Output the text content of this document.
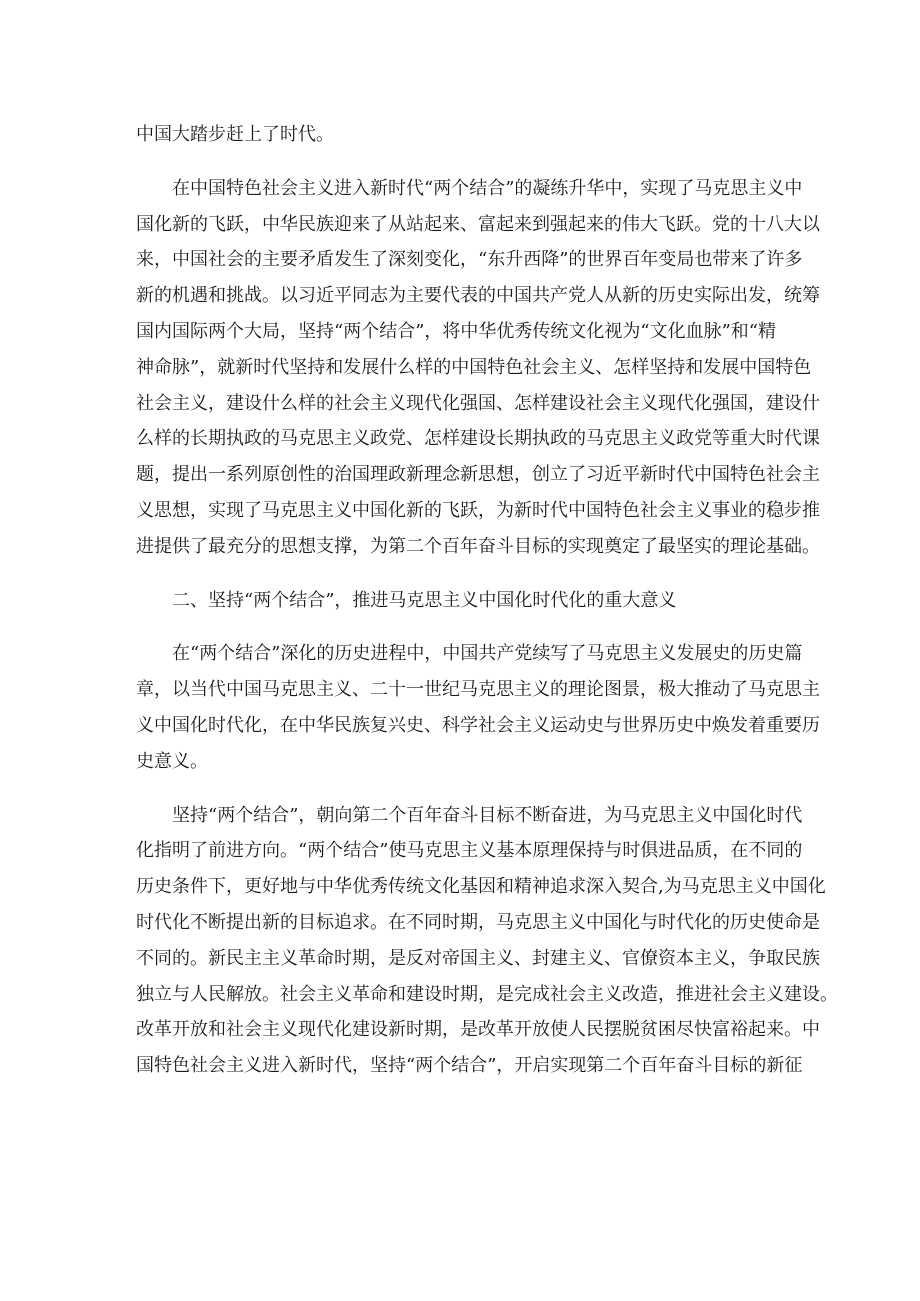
中国大踏步赶上了时代。
在中国特色社会主义进入新时代“两个结合”的凝练升华中，实现了马克思主义中
国化新的飞跃，中华民族迎来了从站起来、富起来到强起来的伟大飞跃。党的十八大以
来，中国社会的主要矛盾发生了深刻变化，“东升西降”的世界百年变局也带来了许多
新的机遇和挑战。以习近平同志为主要代表的中国共产党人从新的历史实际出发，统筹
国内国际两个大局，坚持“两个结合”，将中华优秀传统文化视为“文化血脉”和“精
神命脉”，就新时代坚持和发展什么样的中国特色社会主义、怎样坚持和发展中国特色
社会主义，建设什么样的社会主义现代化强国、怎样建设社会主义现代化强国，建设什
么样的长期执政的马克思主义政党、怎样建设长期执政的马克思主义政党等重大时代课
题，提出一系列原创性的治国理政新理念新思想，创立了习近平新时代中国特色社会主
义思想，实现了马克思主义中国化新的飞跃，为新时代中国特色社会主义事业的稳步推
进提供了最充分的思想支撑，为第二个百年奋斗目标的实现奠定了最坚实的理论基础。
二、坚持“两个结合”，推进马克思主义中国化时代化的重大意义
在“两个结合”深化的历史进程中，中国共产党续写了马克思主义发展史的历史篇
章，以当代中国马克思主义、二十一世纪马克思主义的理论图景，极大推动了马克思主
义中国化时代化，在中华民族复兴史、科学社会主义运动史与世界历史中焕发着重要历
史意义。
坚持“两个结合”，朝向第二个百年奋斗目标不断奋进，为马克思主义中国化时代
化指明了前进方向。“两个结合”使马克思主义基本原理保持与时俱进品质，在不同的
历史条件下，更好地与中华优秀传统文化基因和精神追求深入契合,为马克思主义中国化
时代化不断提出新的目标追求。在不同时期，马克思主义中国化与时代化的历史使命是
不同的。新民主主义革命时期，是反对帝国主义、封建主义、官僚资本主义，争取民族
独立与人民解放。社会主义革命和建设时期，是完成社会主义改造，推进社会主义建设。
改革开放和社会主义现代化建设新时期，是改革开放使人民摆脱贫困尽快富裕起来。中
国特色社会主义进入新时代，坚持“两个结合”，开启实现第二个百年奋斗目标的新征
